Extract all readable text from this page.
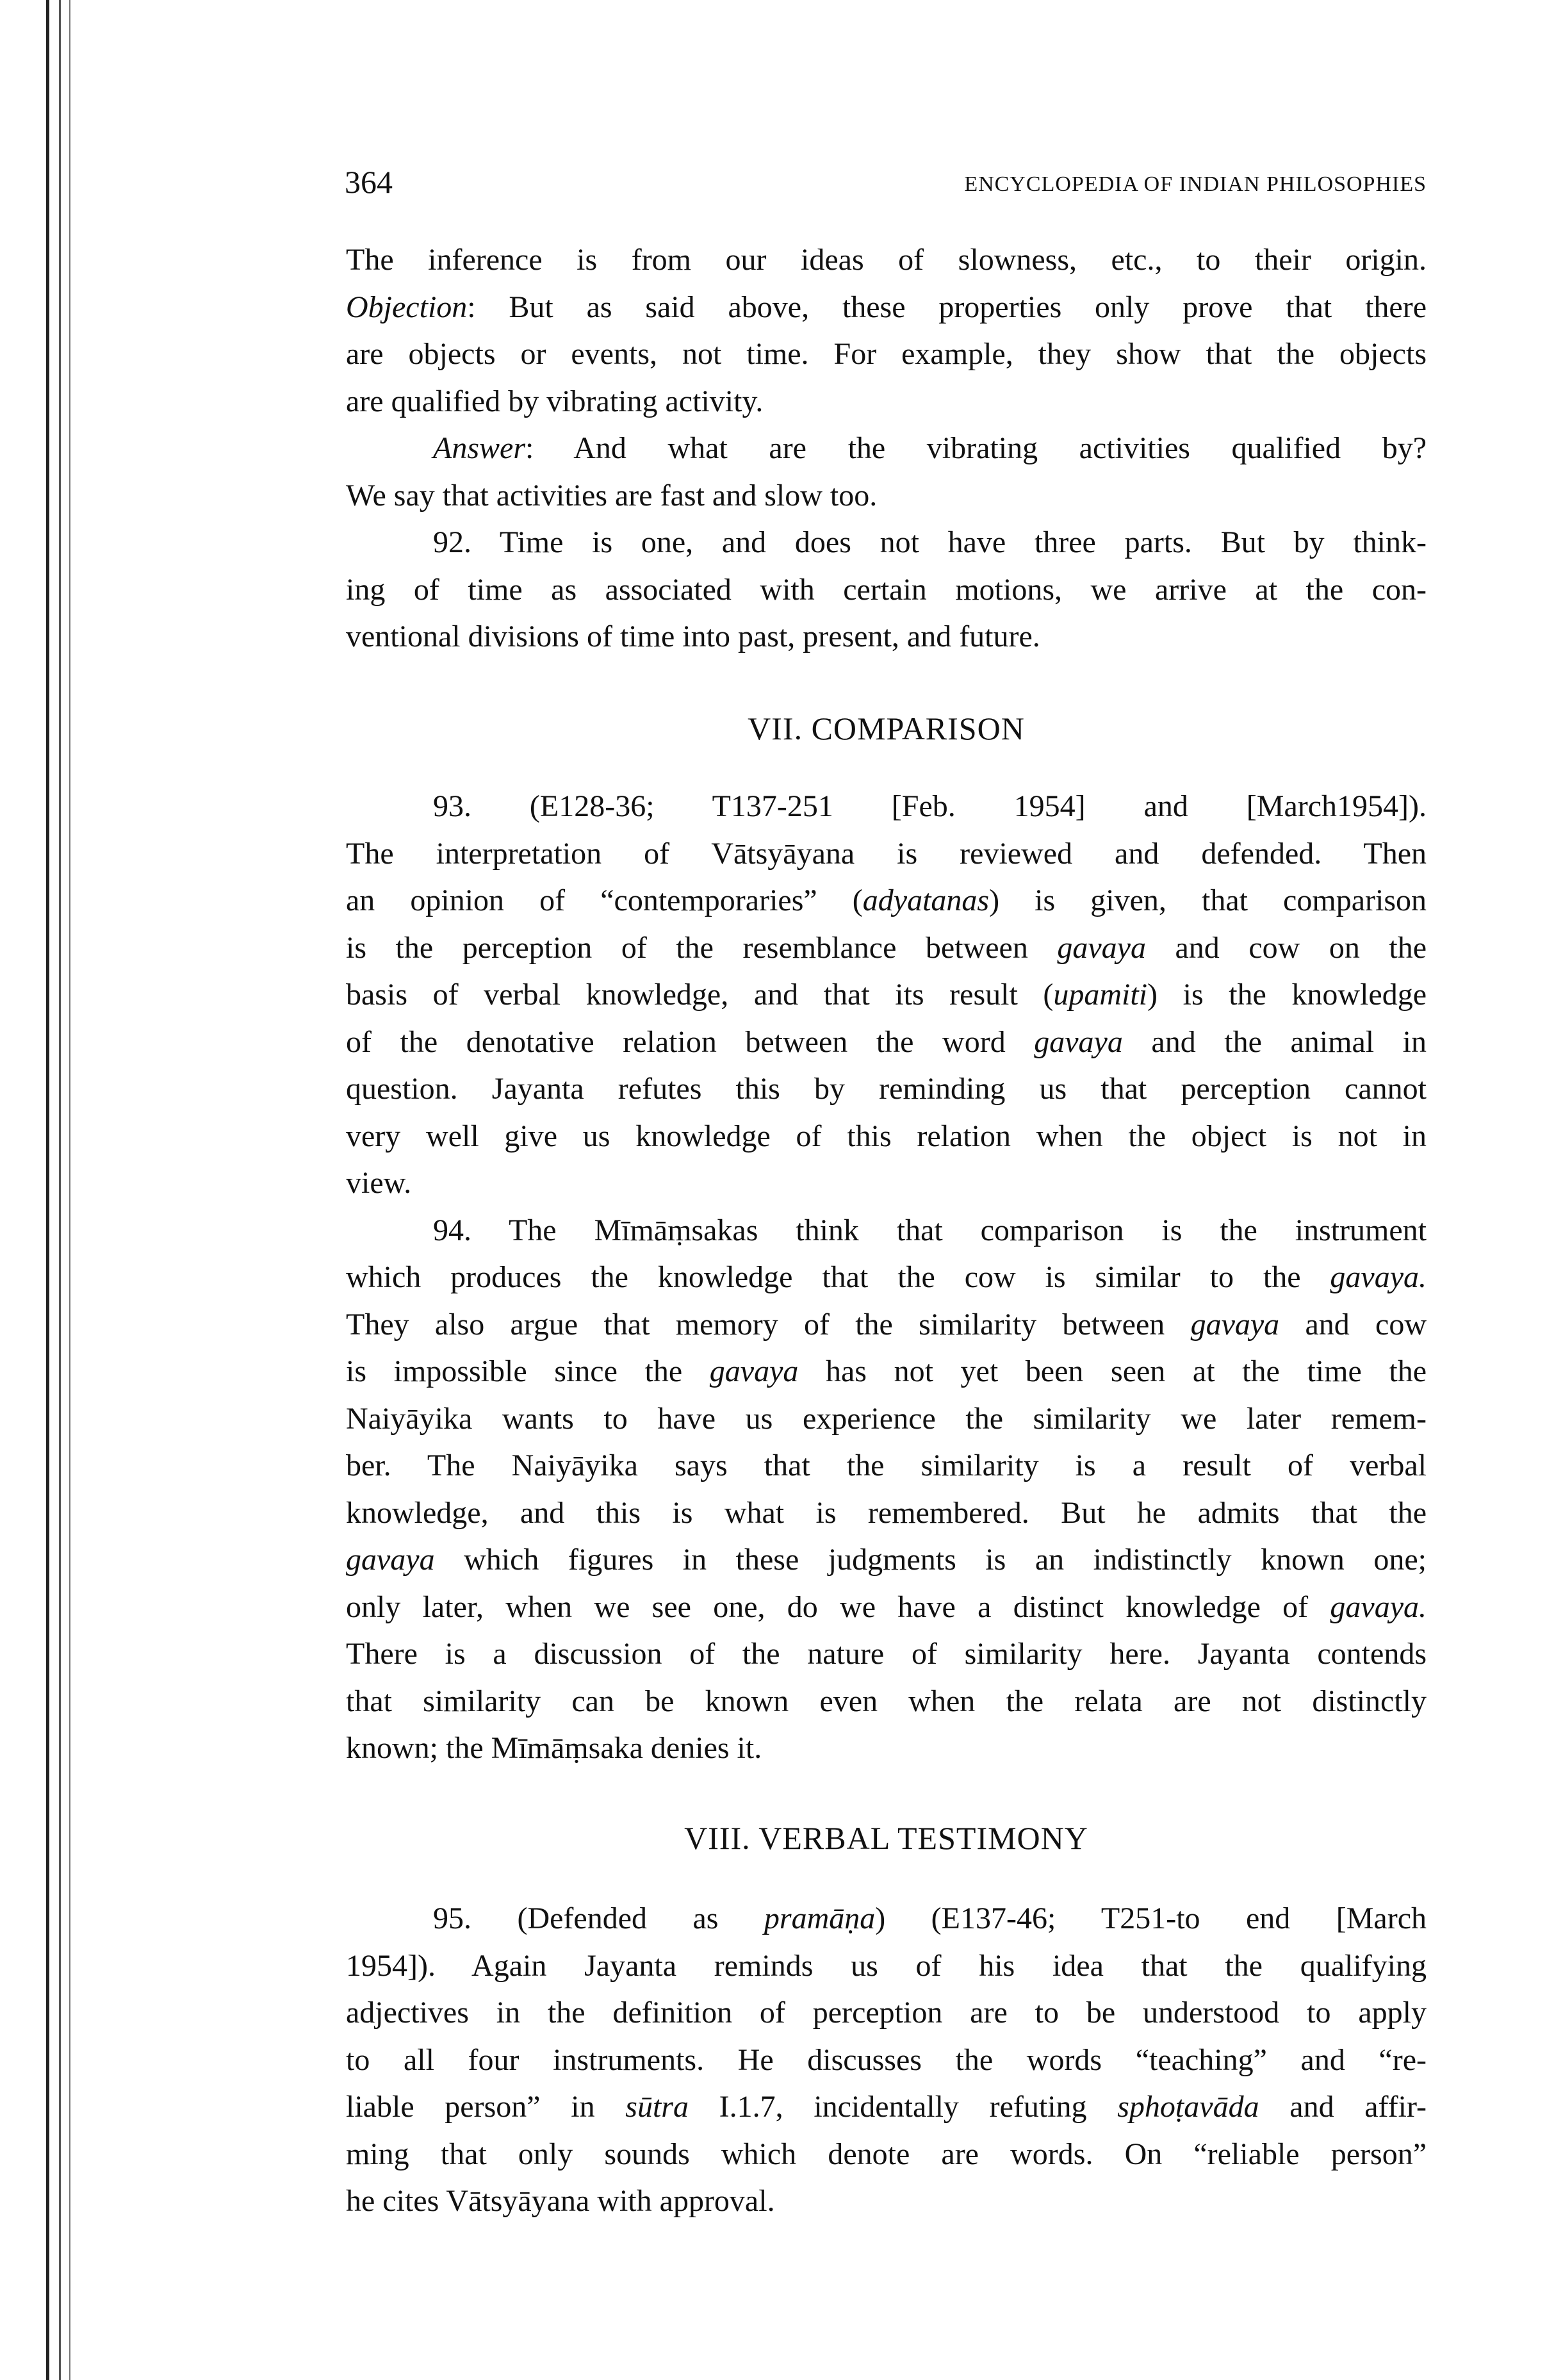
364	ENCYCLOPEDIA OF INDIAN PHILOSOPHIES
The inference is from our ideas of slowness, etc., to their origin.
Objection: But as said above, these properties only prove that there
are objects or events, not time. For example, they show that the objects
are qualified by vibrating activity.
Answer: And what are the vibrating activities qualified by?
We say that activities are fast and slow too.
92. Time is one, and does not have three parts. But by think-
ing of time as associated with certain motions, we arrive at the con-
ventional divisions of time into past, present, and future.
VII. COMPARISON
93. (E128-36; T137-251 [Feb. 1954] and [March1954]).
The interpretation of Vātsyāyana is reviewed and defended. Then
an opinion of “contemporaries” (adyatanas) is given, that comparison
is the perception of the resemblance between gavaya and cow on the
basis of verbal knowledge, and that its result (upamiti) is the knowledge
of the denotative relation between the word gavaya and the animal in
question. Jayanta refutes this by reminding us that perception cannot
very well give us knowledge of this relation when the object is not in
view.
94. The Mīmāṃsakas think that comparison is the instrument
which produces the knowledge that the cow is similar to the gavaya.
They also argue that memory of the similarity between gavaya and cow
is impossible since the gavaya has not yet been seen at the time the
Naiyāyika wants to have us experience the similarity we later remem-
ber. The Naiyāyika says that the similarity is a result of verbal
knowledge, and this is what is remembered. But he admits that the
gavaya which figures in these judgments is an indistinctly known one;
only later, when we see one, do we have a distinct knowledge of gavaya.
There is a discussion of the nature of similarity here. Jayanta contends
that similarity can be known even when the relata are not distinctly
known; the Mīmāṃsaka denies it.
VIII. VERBAL TESTIMONY
95. (Defended as pramāṇa) (E137-46; T251-to end [March
1954]). Again Jayanta reminds us of his idea that the qualifying
adjectives in the definition of perception are to be understood to apply
to all four instruments. He discusses the words “teaching” and “re-
liable person” in sūtra I.1.7, incidentally refuting sphoṭavāda and affir-
ming that only sounds which denote are words. On “reliable person”
he cites Vātsyāyana with approval.
